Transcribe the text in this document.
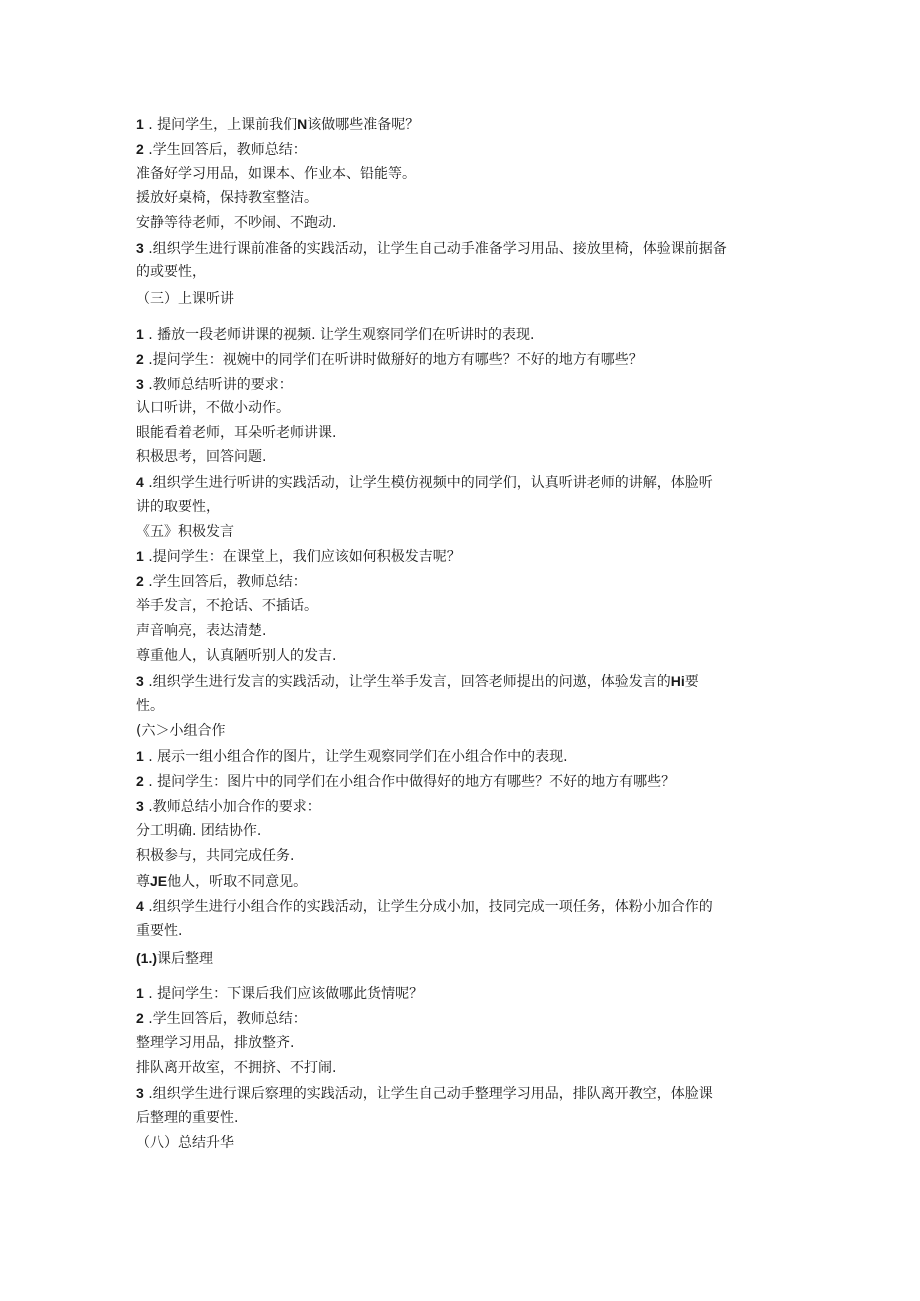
1 . 提问学生，上课前我们N该做哪些准备呢？
2 .学生回答后，教师总结：
准备好学习用品，如课本、作业本、铅能等。
援放好桌椅，保持教室整洁。
安静等待老师，不吵闹、不跑动.
3 .组织学生进行课前准备的实践活动，让学生自己动手准备学习用品、接放里椅，体验课前据备
的或要性，
（三）上课听讲
1 . 播放一段老师讲课的视频. 让学生观察同学们在听讲时的表现.
2 .提问学生：视婉中的同学们在听讲时做掰好的地方有哪些？不好的地方有哪些？
3 .教师总结听讲的要求：
认口听讲，不做小动作。
眼能看着老师，耳朵听老师讲课.
积极思考，回答问题.
4 .组织学生进行听讲的实践活动，让学生模仿视频中的同学们，认真听讲老师的讲解，体脸听
讲的取要性，
《五》积极发言
1 .提问学生：在课堂上，我们应该如何积极发吉呢？
2 .学生回答后，教师总结：
举手发言，不抢话、不插话。
声音响亮，表达清楚.
尊重他人，认真陋听别人的发吉.
3 .组织学生进行发言的实践活动，让学生举手发言，回答老师提出的问遨，体验发言的Hi要
性。
(六＞小组合作
1 . 展示一组小组合作的图片，让学生观察同学们在小组合作中的表现.
2 . 提问学生：图片中的同学们在小组合作中做得好的地方有哪些？不好的地方有哪些？
3 .教师总结小加合作的要求：
分工明确. 团结协作.
积极参与，共同完成任务.
尊JE他人，听取不同意见。
4 .组织学生进行小组合作的实践活动，让学生分成小加，技同完成一项任务，体粉小加合作的
重要性.
(1.)课后整理
1 . 提问学生：下课后我们应该做哪此货情呢？
2 .学生回答后，教师总结：
整理学习用品，排放整齐.
排队离开故室，不拥挤、不打闹.
3 .组织学生进行课后察理的实践活动，让学生自己动手整理学习用品，排队离开教空，体脸课
后整理的重要性.
（八）总结升华
